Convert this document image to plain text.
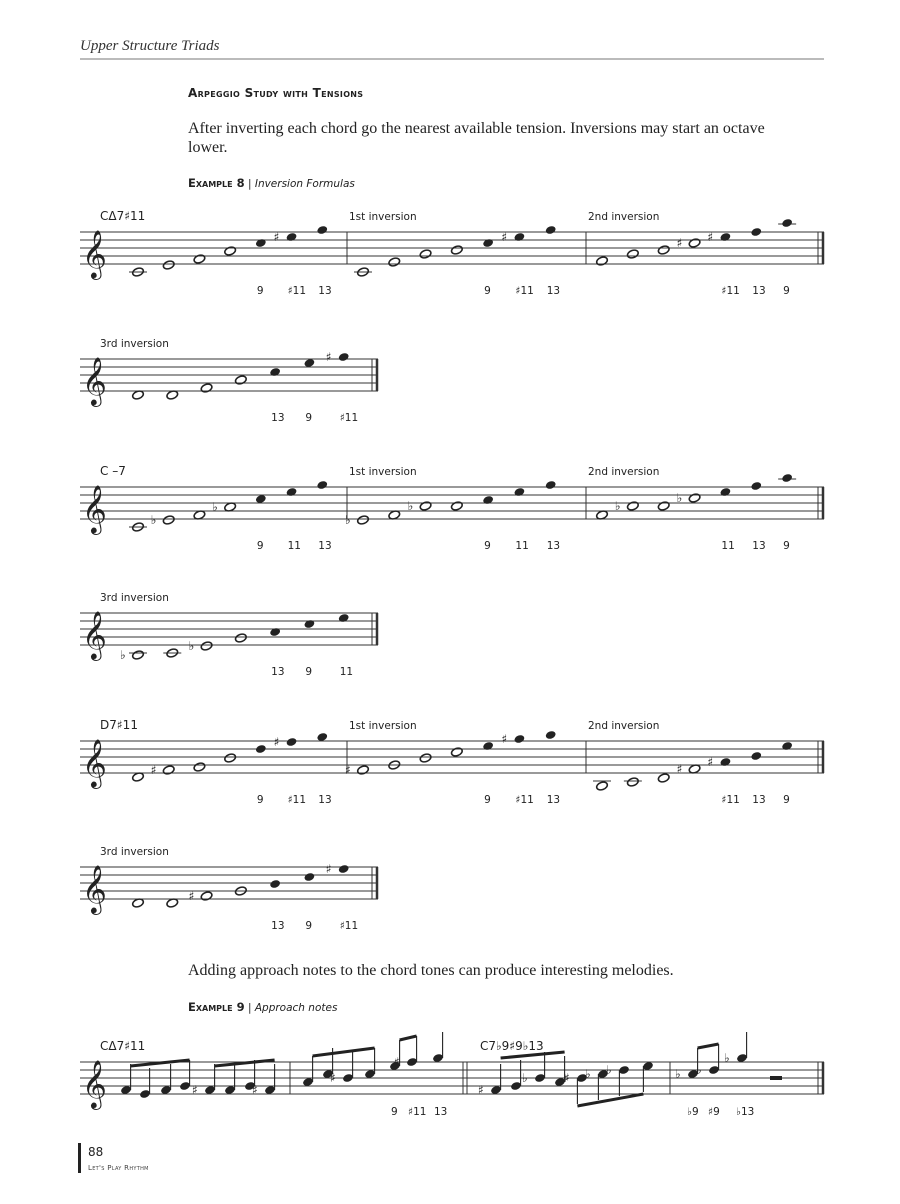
Upper Structure Triads
Arpeggio Study with Tensions
After inverting each chord go the nearest available tension. Inversions may start an octave lower.
Example 8 | Inversion Formulas
𝄞
CΔ7♯11
♯
9 ♯11 13
1st inversion
♯
9 ♯11 13
2nd inversion
♯ ♯
♯11 13 9
𝄞
3rd inversion
♯
13 9	♯11
𝄞
C –7
♭
♭
9 11 13
1st inversion
♭
♭
9 11 13
2nd inversion
♭
♭
11 13 9
𝄞
3rd inversion
♭
♭
13 9	11
𝄞
D7♯11
♯
♯
9 ♯11 13
1st inversion
♯
♯
9 ♯11 13
2nd inversion
♯ ♯
♯11 13 9
𝄞
3rd inversion
♯
♯
13 9	♯11
𝄞
CΔ7♯11	C7♭9♯9♭13
♯	♯
♯
♯
9 ♯11 13
♯
♭	♯ ♭ ♭	♭ ♭
♭
♭9 ♯9 ♭13
Adding approach notes to the chord tones can produce interesting melodies.
Example 9 | Approach notes
88
Let's Play Rhythm
